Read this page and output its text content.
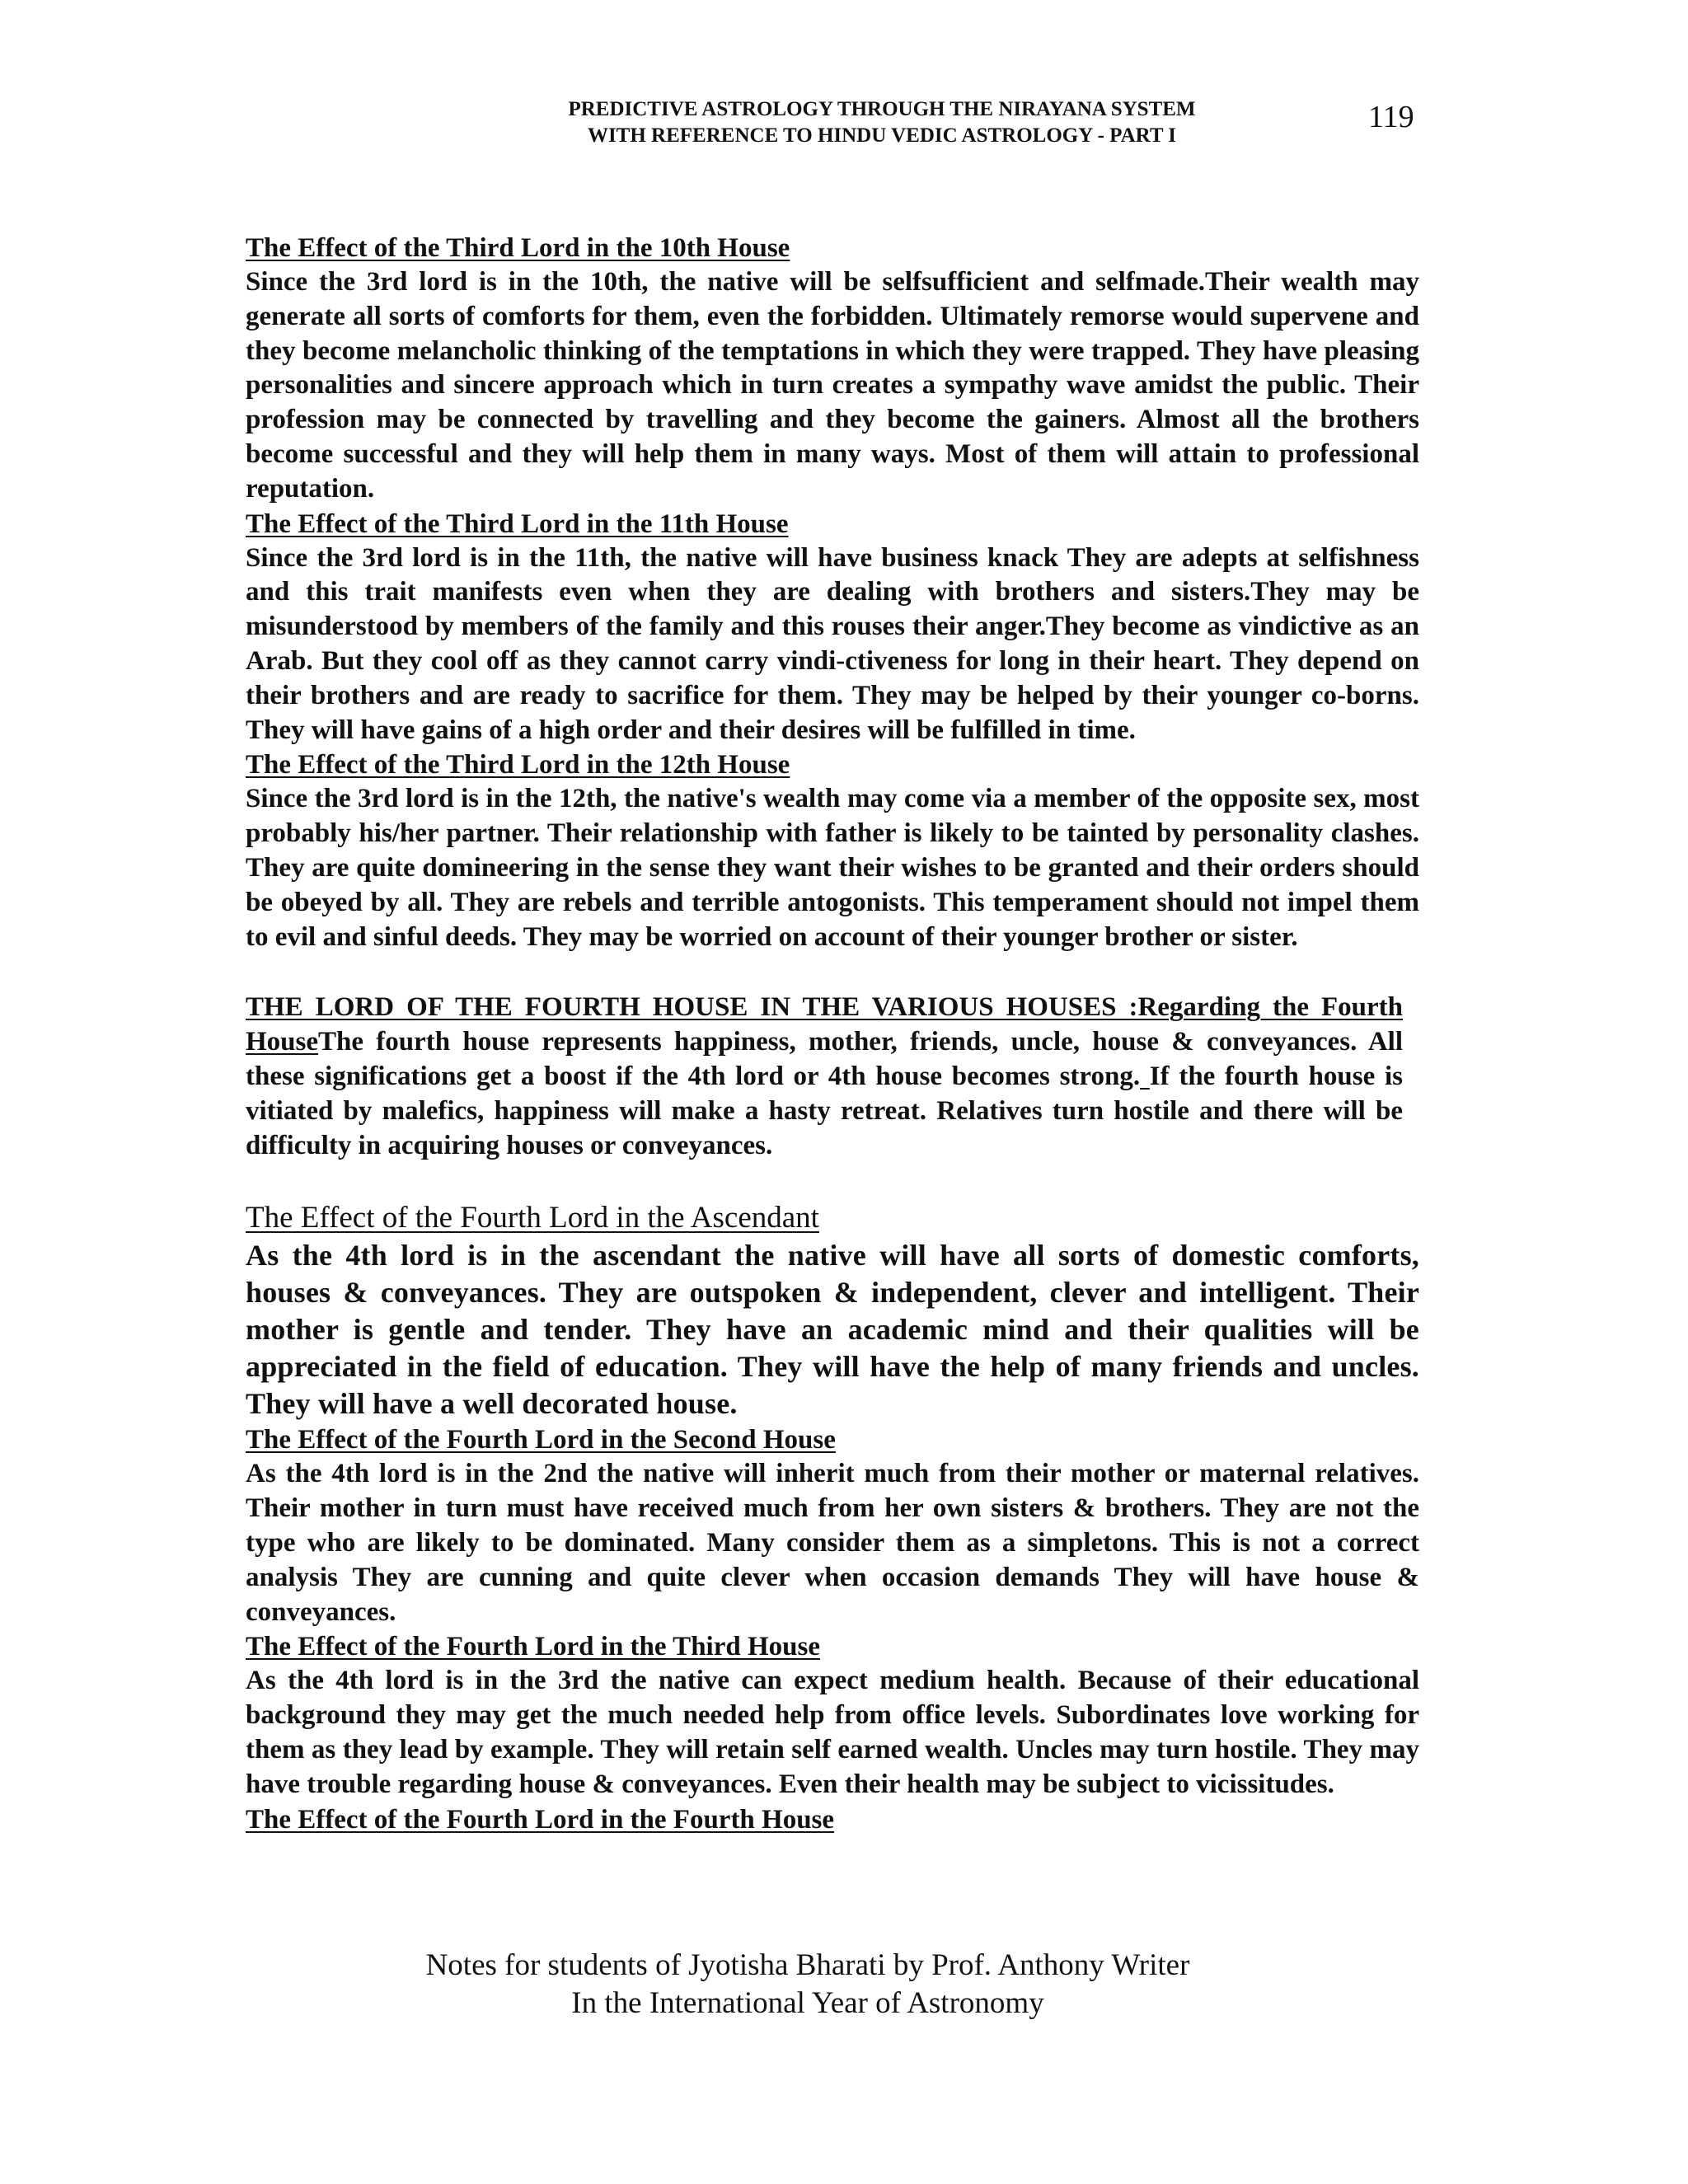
PREDICTIVE ASTROLOGY THROUGH THE NIRAYANA SYSTEM
WITH REFERENCE TO HINDU VEDIC ASTROLOGY - PART I
119
The Effect of the Third Lord in the 10th House
Since the 3rd lord is in the 10th, the native will be selfsufficient and selfmade.Their wealth may generate all sorts of comforts for them, even the forbidden. Ultimately remorse would supervene and they become melancholic thinking of the temptations in which they were trapped. They have pleasing personalities and sincere approach which in turn creates a sympathy wave amidst the public. Their profession may be connected by travelling and they become the gainers. Almost all the brothers become successful and they will help them in many ways. Most of them will attain to professional reputation.
The Effect of the Third Lord in the 11th House
Since the 3rd lord is in the 11th, the native will have business knack They are adepts at selfishness and this trait manifests even when they are dealing with brothers and sisters.They may be misunderstood by members of the family and this rouses their anger.They become as vindictive as an Arab. But they cool off as they cannot carry vindi-ctiveness for long in their heart. They depend on their brothers and are ready to sacrifice for them. They may be helped by their younger co-borns. They will have gains of a high order and their desires will be fulfilled in time.
The Effect of the Third Lord in the 12th House
Since the 3rd lord is in the 12th, the native's wealth may come via a member of the opposite sex, most probably his/her partner. Their relationship with father is likely to be tainted by personality clashes. They are quite domineering in the sense they want their wishes to be granted and their orders should be obeyed by all. They are rebels and terrible antogonists. This temperament should not impel them to evil and sinful deeds. They may be worried on account of their younger brother or sister.
THE LORD OF THE FOURTH HOUSE IN THE VARIOUS HOUSES :Regarding the Fourth HouseThe fourth house represents happiness, mother, friends, uncle, house & conveyances. All these significations get a boost if the 4th lord or 4th house becomes strong. If the fourth house is vitiated by malefics, happiness will make a hasty retreat. Relatives turn hostile and there will be difficulty in acquiring houses or conveyances.
The Effect of the Fourth Lord in the Ascendant
As the 4th lord is in the ascendant the native will have all sorts of domestic comforts, houses & conveyances. They are outspoken & independent, clever and intelligent. Their mother is gentle and tender. They have an academic mind and their qualities will be appreciated in the field of education. They will have the help of many friends and uncles. They will have a well decorated house.
The Effect of the Fourth Lord in the Second House
As the 4th lord is in the 2nd the native will inherit much from their mother or maternal relatives. Their mother in turn must have received much from her own sisters & brothers. They are not the type who are likely to be dominated. Many consider them as a simpletons. This is not a correct analysis They are cunning and quite clever when occasion demands They will have house & conveyances.
The Effect of the Fourth Lord in the Third House
As the 4th lord is in the 3rd the native can expect medium health. Because of their educational background they may get the much needed help from office levels. Subordinates love working for them as they lead by example. They will retain self earned wealth. Uncles may turn hostile. They may have trouble regarding house & conveyances. Even their health may be subject to vicissitudes.
The Effect of the Fourth Lord in the Fourth House
Notes for students of Jyotisha Bharati by Prof. Anthony Writer
In the International Year of Astronomy
